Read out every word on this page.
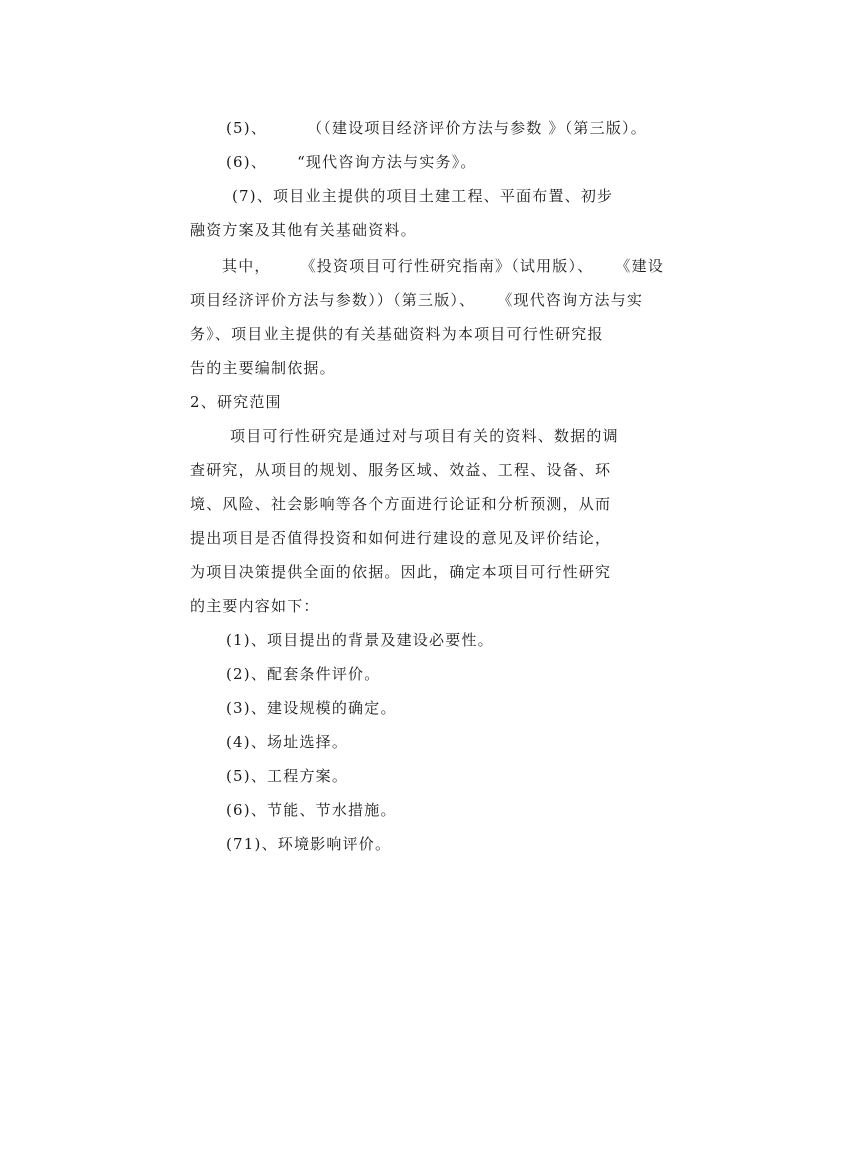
(5)、	（（建设项目经济评价方法与参数 》（第三版）。
(6)、 “现代咨询方法与实务》。
(7)、项目业主提供的项目土建工程、平面布置、初步
融资方案及其他有关基础资料。
其中， 《投资项目可行性研究指南》（试用版）、 《建设
项目经济评价方法与参数））（第三版）、 《现代咨询方法与实
务》、项目业主提供的有关基础资料为本项目可行性研究报
告的主要编制依据。
2、研究范围
项目可行性研究是通过对与项目有关的资料、数据的调
查研究，从项目的规划、服务区域、效益、工程、设备、环
境、风险、社会影响等各个方面进行论证和分析预测，从而
提出项目是否值得投资和如何进行建设的意见及评价结论，
为项目决策提供全面的依据。因此，确定本项目可行性研究
的主要内容如下：
(1)、项目提出的背景及建设必要性。
(2)、配套条件评价。
(3)、建设规模的确定。
(4)、场址选择。
(5)、工程方案。
(6)、节能、节水措施。
(71)、环境影响评价。
